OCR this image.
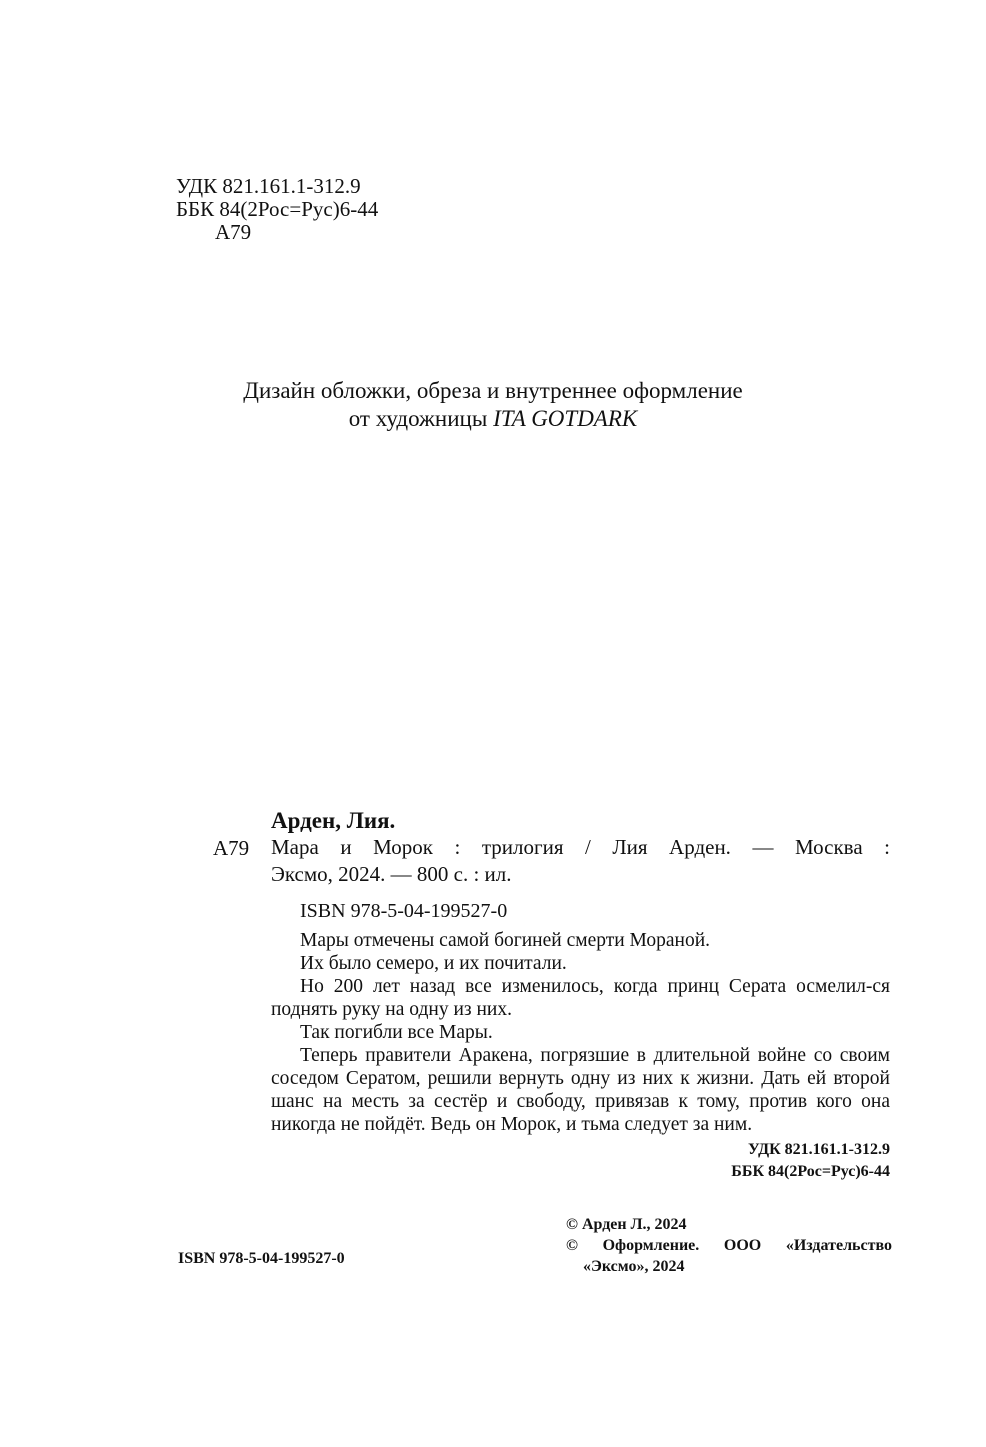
УДК 821.161.1-312.9
ББК 84(2Рос=Рус)6-44
А79
Дизайн обложки, обреза и внутреннее оформление
от художницы ITA GOTDARK
Арден, Лия.
А79 Мара и Морок : трилогия / Лия Арден. — Москва :
Эксмо, 2024. — 800 с. : ил.
ISBN 978-5-04-199527-0

Мары отмечены самой богиней смерти Мораной.

Их было семеро, и их почитали.

Но 200 лет назад все изменилось, когда принц Серата осмелил-ся поднять руку на одну из них.

Так погибли все Мары.

Теперь правители Аракена, погрязшие в длительной войне со своим соседом Сератом, решили вернуть одну из них к жизни. Дать ей второй шанс на месть за сестёр и свободу, привязав к тому, против кого она никогда не пойдёт. Ведь он Морок, и тьма следует за ним.

УДК 821.161.1-312.9
ББК 84(2Рос=Рус)6-44
ISBN 978-5-04-199527-0
© Арден Л., 2024
© Оформление. ООО «Издательство
«Эксмо», 2024
